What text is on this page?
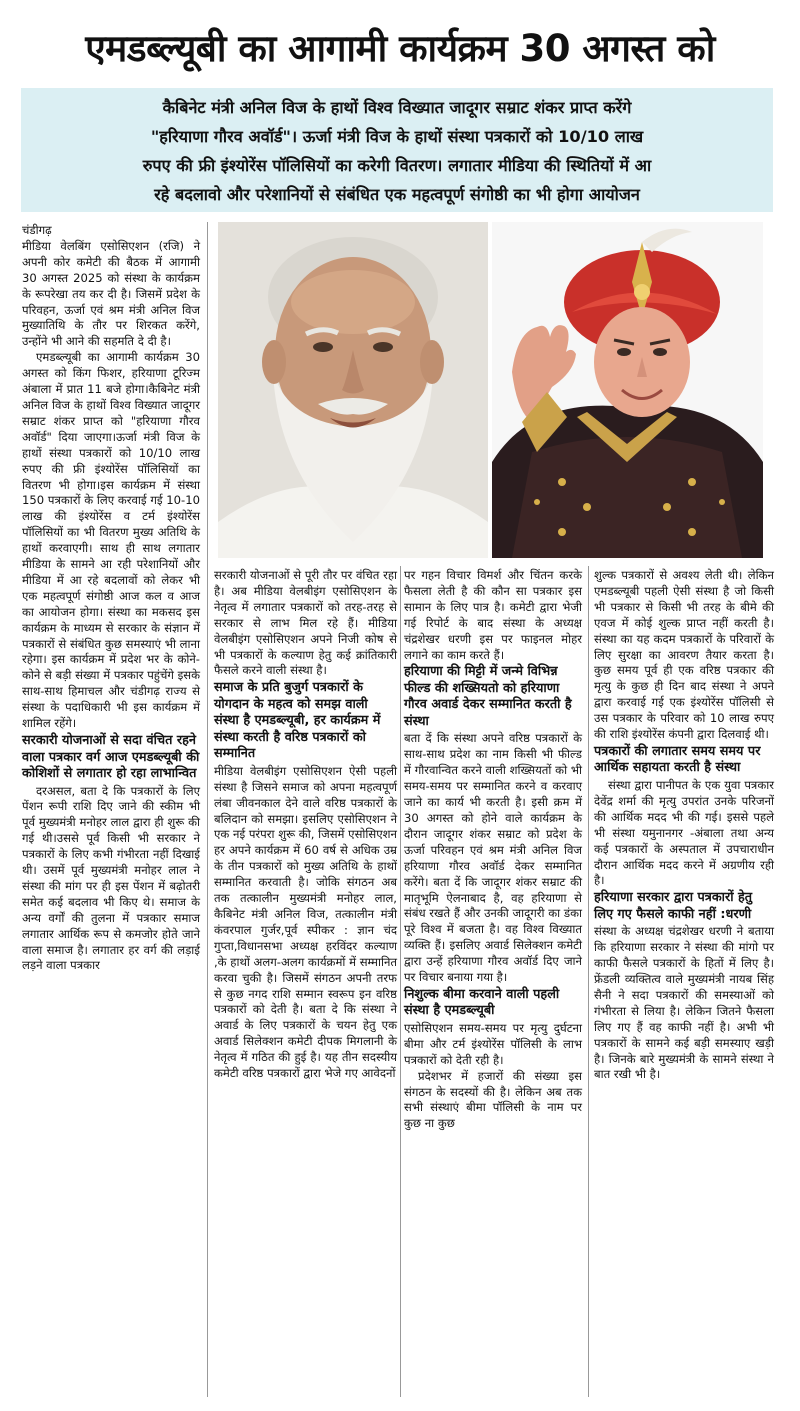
एमडब्ल्यूबी का आगामी कार्यक्रम 30 अगस्त को
कैबिनेट मंत्री अनिल विज के हाथों विश्व विख्यात जादूगर सम्राट शंकर प्राप्त करेंगे
"हरियाणा गौरव अवॉर्ड"। ऊर्जा मंत्री विज के हाथों संस्था पत्रकारों को 10/10 लाख
रुपए की फ्री इंश्योरेंस पॉलिसियों का करेगी वितरण। लगातार मीडिया की स्थितियों में आ
रहे बदलावो और परेशानियों से संबंधित एक महत्वपूर्ण संगोष्ठी का भी होगा आयोजन

चंडीगढ़

मीडिया वेलबिंग एसोसिएशन (रजि) ने अपनी कोर कमेटी की बैठक में आगामी 30 अगस्त 2025 को संस्था के कार्यक्रम के रूपरेखा तय कर दी है। जिसमें प्रदेश के परिवहन, ऊर्जा एवं श्रम मंत्री अनिल विज मुख्यातिथि के तौर पर शिरकत करेंगे, उन्होंने भी आने की सहमति दे दी है।

एमडब्ल्यूबी का आगामी कार्यक्रम 30 अगस्त को किंग फिशर, हरियाणा टूरिज्म अंबाला में प्रात 11 बजे होगा।कैबिनेट मंत्री अनिल विज के हाथों विश्व विख्यात जादूगर सम्राट शंकर प्राप्त को "हरियाणा गौरव अवॉर्ड" दिया जाएगा।ऊर्जा मंत्री विज के हाथों संस्था पत्रकारों को 10/10 लाख रुपए की फ्री इंश्योरेंस पॉलिसियों का वितरण भी होगा।इस कार्यक्रम में संस्था 150 पत्रकारों के लिए करवाई गई 10-10 लाख की इंश्योरेंस व टर्म इंश्योरेंस पॉलिसियों का भी वितरण मुख्य अतिथि के हाथों करवाएगी। साथ ही साथ लगातार मीडिया के सामने आ रही परेशानियों और मीडिया में आ रहे बदलावों को लेकर भी एक महत्वपूर्ण संगोष्ठी आज कल व आज का आयोजन होगा। संस्था का मकसद इस कार्यक्रम के माध्यम से सरकार के संज्ञान में पत्रकारों से संबंधित कुछ समस्याएं भी लाना रहेगा। इस कार्यक्रम में प्रदेश भर के कोने-कोने से बड़ी संख्या में पत्रकार पहुंचेंगे इसके साथ-साथ हिमाचल और चंडीगढ़ राज्य से संस्था के पदाधिकारी भी इस कार्यक्रम में शामिल रहेंगे।

सरकारी योजनाओं से सदा वंचित रहने वाला पत्रकार वर्ग आज एमडब्ल्यूबी की कोशिशों से लगातार हो रहा लाभान्वित

दरअसल, बता दे कि पत्रकारों के लिए पेंशन रूपी राशि दिए जाने की स्कीम भी पूर्व मुख्यमंत्री मनोहर लाल द्वारा ही शुरू की गई थी।उससे पूर्व किसी भी सरकार ने पत्रकारों के लिए कभी गंभीरता नहीं दिखाई थी। उसमें पूर्व मुख्यमंत्री मनोहर लाल ने संस्था की मांग पर ही इस पेंशन में बढ़ोतरी समेत कई बदलाव भी किए थे। समाज के अन्य वर्गों की तुलना में पत्रकार समाज लगातार आर्थिक रूप से कमजोर होते जाने वाला समाज है। लगातार हर वर्ग की लड़ाई लड़ने वाला पत्रकार

सरकारी योजनाओं से पूरी तौर पर वंचित रहा है। अब मीडिया वेलबीइंग एसोसिएशन के नेतृत्व में लगातार पत्रकारों को तरह-तरह से सरकार से लाभ मिल रहे हैं। मीडिया वेलबीइंग एसोसिएशन अपने निजी कोष से भी पत्रकारों के कल्याण हेतु कई क्रांतिकारी फैसले करने वाली संस्था है।

समाज के प्रति बुजुर्ग पत्रकारों के योगदान के महत्व को समझ वाली संस्था है एमडब्ल्यूबी, हर कार्यक्रम में संस्था करती है वरिष्ठ पत्रकारों को सम्मानित

मीडिया वेलबीइंग एसोसिएशन ऐसी पहली संस्था है जिसने समाज को अपना महत्वपूर्ण लंबा जीवनकाल देने वाले वरिष्ठ पत्रकारों के बलिदान को समझा। इसलिए एसोसिएशन ने एक नई परंपरा शुरू की, जिसमें एसोसिएशन हर अपने कार्यक्रम में 60 वर्ष से अधिक उम्र के तीन पत्रकारों को मुख्य अतिथि के हाथों सम्मानित करवाती है। जोकि संगठन अब तक तत्कालीन मुख्यमंत्री मनोहर लाल, कैबिनेट मंत्री अनिल विज, तत्कालीन मंत्री कंवरपाल गुर्जर,पूर्व स्पीकर : ज्ञान चंद गुप्ता,विधानसभा अध्यक्ष हरविंदर कल्याण ,के हाथों अलग-अलग कार्यक्रमों में सम्मानित करवा चुकी है। जिसमें संगठन अपनी तरफ से कुछ नगद राशि सम्मान स्वरूप इन वरिष्ठ पत्रकारों को देती है। बता दे कि संस्था ने अवार्ड के लिए पत्रकारों के चयन हेतु एक अवार्ड सिलेक्शन कमेटी दीपक मिगलानी के नेतृत्व में गठित की हुई है। यह तीन सदस्यीय कमेटी वरिष्ठ पत्रकारों द्वारा भेजे गए आवेदनों

पर गहन विचार विमर्श और चिंतन करके फैसला लेती है की कौन सा पत्रकार इस सामान के लिए पात्र है। कमेटी द्वारा भेजी गई रिपोर्ट के बाद संस्था के अध्यक्ष चंद्रशेखर धरणी इस पर फाइनल मोहर लगाने का काम करते हैं।

हरियाणा की मिट्टी में जन्मे विभिन्न फील्ड की शख्सियतो को हरियाणा गौरव अवार्ड देकर सम्मानित करती है संस्था

बता दें कि संस्था अपने वरिष्ठ पत्रकारों के साथ-साथ प्रदेश का नाम किसी भी फील्ड में गौरवान्वित करने वाली शख्सियतों को भी समय-समय पर सम्मानित करने व करवाए जाने का कार्य भी करती है। इसी क्रम में 30 अगस्त को होने वाले कार्यक्रम के दौरान जादूगर शंकर सम्राट को प्रदेश के ऊर्जा परिवहन एवं श्रम मंत्री अनिल विज हरियाणा गौरव अवॉर्ड देकर सम्मानित करेंगे। बता दें कि जादूगर शंकर सम्राट की मातृभूमि ऐलनाबाद है, वह हरियाणा से संबंध रखते हैं और उनकी जादूगरी का डंका पूरे विश्व में बजता है। वह विश्व विख्यात व्यक्ति हैं। इसलिए अवार्ड सिलेक्शन कमेटी द्वारा उन्हें हरियाणा गौरव अवॉर्ड दिए जाने पर विचार बनाया गया है।

निशुल्क बीमा करवाने वाली पहली संस्था है एमडब्ल्यूबी

एसोसिएशन समय-समय पर मृत्यु दुर्घटना बीमा और टर्म इंश्योरेंस पॉलिसी के लाभ पत्रकारों को देती रही है।

प्रदेशभर में हजारों की संख्या इस संगठन के सदस्यों की है। लेकिन अब तक सभी संस्थाएं बीमा पॉलिसी के नाम पर कुछ ना कुछ

शुल्क पत्रकारों से अवश्य लेती थी। लेकिन एमडब्ल्यूबी पहली ऐसी संस्था है जो किसी भी पत्रकार से किसी भी तरह के बीमे की एवज में कोई शुल्क प्राप्त नहीं करती है। संस्था का यह कदम पत्रकारों के परिवारों के लिए सुरक्षा का आवरण तैयार करता है। कुछ समय पूर्व ही एक वरिष्ठ पत्रकार की मृत्यु के कुछ ही दिन बाद संस्था ने अपने द्वारा करवाई गई एक इंश्योरेंस पॉलिसी से उस पत्रकार के परिवार को 10 लाख रुपए की राशि इंश्योरेंस कंपनी द्वारा दिलवाई थी।

पत्रकारों की लगातार समय समय पर आर्थिक सहायता करती है संस्था

संस्था द्वारा पानीपत के एक युवा पत्रकार देवेंद्र शर्मा की मृत्यु उपरांत उनके परिजनों की आर्थिक मदद भी की गई। इससे पहले भी संस्था यमुनानगर -अंबाला तथा अन्य कई पत्रकारों के अस्पताल में उपचाराधीन दौरान आर्थिक मदद करने में अग्रणीय रही है।

हरियाणा सरकार द्वारा पत्रकारों हेतु लिए गए फैसले काफी नहीं :धरणी

संस्था के अध्यक्ष चंद्रशेखर धरणी ने बताया कि हरियाणा सरकार ने संस्था की मांगो पर काफी फैसले पत्रकारों के हितों में लिए है। फ्रेंडली व्यक्तित्व वाले मुख्यमंत्री नायब सिंह सैनी ने सदा पत्रकारों की समस्याओं को गंभीरता से लिया है। लेकिन जितने फैसला लिए गए हैं वह काफी नहीं है। अभी भी पत्रकारों के सामने कई बड़ी समस्याए खड़ी है। जिनके बारे मुख्यमंत्री के सामने संस्था ने बात रखी भी है।
